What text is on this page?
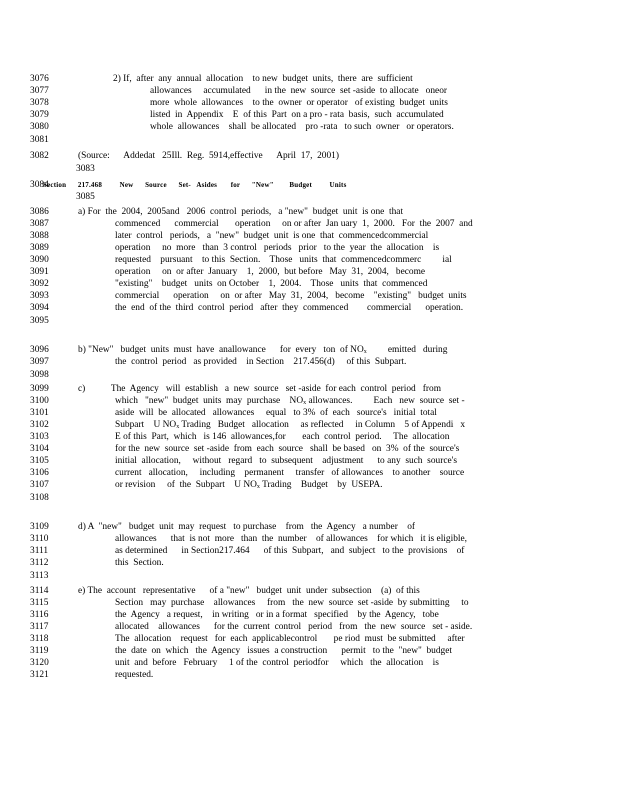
3076	2) If,  after  any  annual  allocation    to new  budget  units,  there  are  sufficient
3077	allowances     accumulated      in the  new  source  set -aside  to allocate   oneor
3078	more  whole  allowances    to the  owner  or operator   of existing  budget  units
3079	listed  in  Appendix    E  of this  Part  on a pro - rata  basis,  such  accumulated
3080	whole  allowances    shall  be allocated    pro -rata   to such  owner   or operators.
3081
3082	(Source:      Addedat   25Ill.  Reg.  5914,effective      April  17,  2001)
3083
3084
Section      217.468         New      Source      Set-   Asides       for      "New"        Budget         Units
3085
3086	a) For  the  2004,  2005and   2006  control  periods,   a "new"  budget  unit  is one  that
3087	commenced      commercial       operation     on or after  Jan uary  1,  2000.   For  the  2007  and
3088	later  control   periods,   a  "new"  budget  unit  is one  that  commencedcommercial
3089	operation     no  more   than  3 control   periods   prior   to the  year  the  allocation    is
3090	requested    pursuant    to this  Section.    Those   units  that  commencedcommerc         ial
3091	operation     on  or after  January    1,  2000,  but before   May  31,  2004,   become
3092	"existing"    budget   units  on October    1,  2004.    Those   units  that  commenced
3093	commercial      operation     on  or after   May  31,  2004,   become    "existing"   budget  units
3094	the  end  of the  third  control  period   after  they  commenced        commercial      operation.
3095
3096	b) "New"   budget  units  must  have  anallowance      for  every   ton  of $NO_x$         emitted   during
3097	the  control  period   as provided    in Section    217.456(d)     of this  Subpart.
3098
3099	c)           The  Agency   will  establish   a  new  source   set -aside  for each  control  period   from
3100	which   "new"  budget  units  may  purchase    $NO_x$ allowances.         Each   new  source  set -
3101	aside  will  be  allocated   allowances     equal   to 3%  of  each   source's   initial  total
3102	Subpart    U $NO_x$ Trading   Budget   allocation     as reflected     in Column    5 of Appendi   x
3103	E of this  Part,  which   is 146  allowances,for       each  control  period.     The  allocation
3104	for the  new  source  set -aside  from  each  source   shall  be based   on  3%  of the  source's
3105	initial  allocation,     without   regard   to  subsequent    adjustment      to any  such  source's
3106	current   allocation,     including    permanent     transfer   of allowances    to another    source
3107	or revision     of  the  Subpart    U $NO_x$ Trading    Budget    by  USEPA.
3108
3109	d) A  "new"   budget  unit  may  request   to purchase    from   the  Agency   a number    of
3110	allowances      that  is not  more   than  the  number    of allowances    for which   it is eligible,
3111	as determined      in Section217.464      of this  Subpart,   and  subject   to the  provisions    of
3112	this  Section.
3113
3114	e) The  account   representative      of a "new"   budget  unit  under  subsection    (a)  of this
3115	Section   may  purchase    allowances     from   the  new  source  set -aside  by submitting     to
3116	the  Agency   a request,    in writing   or in a format   specified    by the  Agency,   tobe
3117	allocated    allowances      for the  current  control   period   from   the  new  source   set - aside.
3118	The  allocation    request   for  each  applicablecontrol       pe riod  must  be submitted     after
3119	the  date  on  which   the  Agency   issues  a construction      permit   to the  "new"  budget
3120	unit  and  before   February     1 of the  control  periodfor     which   the  allocation    is
3121	requested.
